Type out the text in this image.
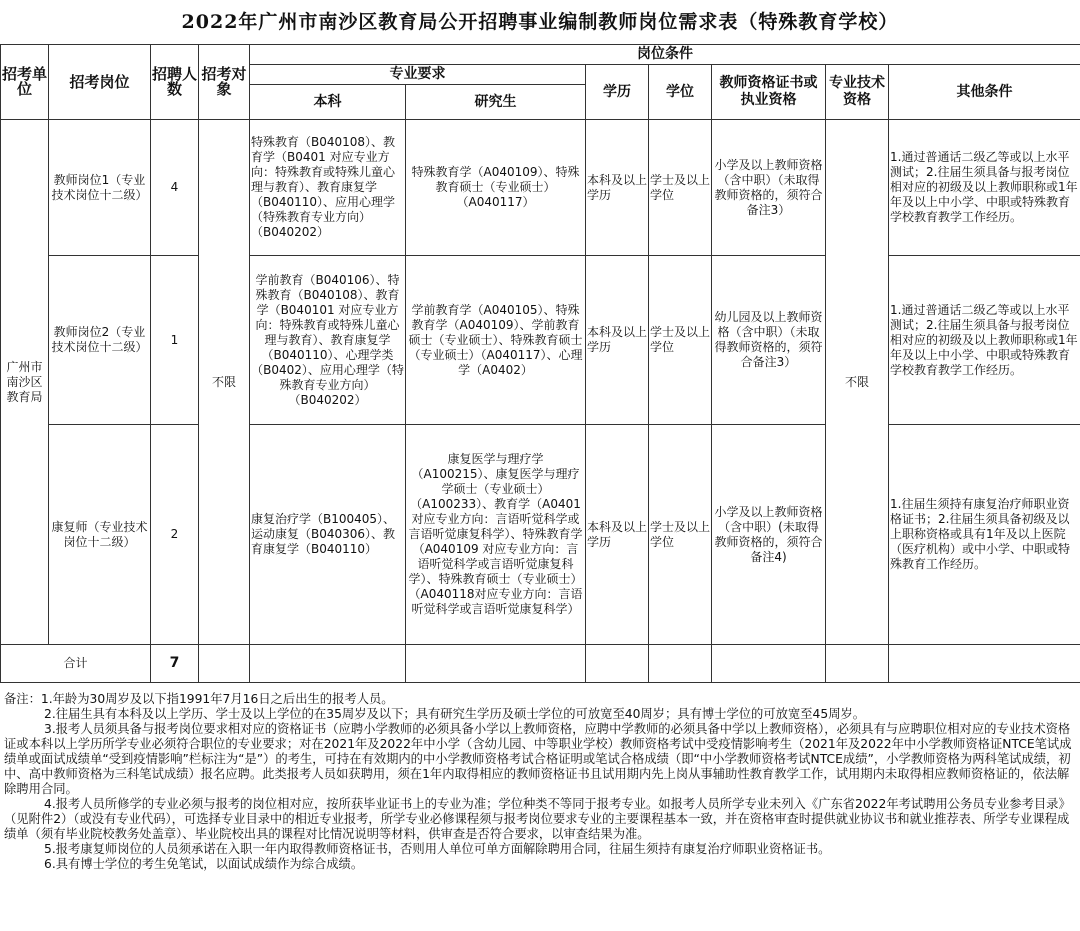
2022年广州市南沙区教育局公开招聘事业编制教师岗位需求表（特殊教育学校）
招考单位	招考岗位	招聘人数	招考对象	岗位条件						
				专业要求		学历	学位	教师资格证书或执业资格	专业技术资格	其他条件
				本科	研究生					
广州市南沙区教育局	教师岗位1（专业技术岗位十二级）	4	不限	特殊教育（B040108）、教育学（B0401 对应专业方向：特殊教育或特殊儿童心理与教育）、教育康复学（B040110）、应用心理学（特殊教育专业方向）（B040202）	特殊教育学（A040109）、特殊教育硕士（专业硕士）（A040117）	本科及以上学历	学士及以上学位	小学及以上教师资格（含中职）（未取得教师资格的，须符合备注3）	不限	1.通过普通话二级乙等或以上水平测试；2.往届生须具备与报考岗位相对应的初级及以上教师职称或1年年及以上中小学、中职或特殊教育学校教育教学工作经历。
	教师岗位2（专业技术岗位十二级）	1		学前教育（B040106）、特殊教育（B040108）、教育学（B040101 对应专业方向：特殊教育或特殊儿童心理与教育）、教育康复学（B040110）、心理学类（B0402）、应用心理学（特殊教育专业方向）（B040202）	学前教育学（A040105）、特殊教育学（A040109）、学前教育硕士（专业硕士）、特殊教育硕士（专业硕士）（A040117）、心理学（A0402）	本科及以上学历	学士及以上学位	幼儿园及以上教师资格（含中职）（未取得教师资格的，须符合备注3）		1.通过普通话二级乙等或以上水平测试；2.往届生须具备与报考岗位相对应的初级及以上教师职称或1年年及以上中小学、中职或特殊教育学校教育教学工作经历。
	康复师（专业技术岗位十二级）	2		康复治疗学（B100405）、运动康复（B040306）、教育康复学（B040110）	康复医学与理疗学（A100215）、康复医学与理疗学硕士（专业硕士）（A100233）、教育学（A0401对应专业方向：言语听觉科学或言语听觉康复科学）、特殊教育学（A040109 对应专业方向：言语听觉科学或言语听觉康复科学）、特殊教育硕士（专业硕士）（A040118对应专业方向：言语听觉科学或言语听觉康复科学）	本科及以上学历	学士及以上学位	小学及以上教师资格（含中职）(未取得教师资格的，须符合备注4)		1.往届生须持有康复治疗师职业资格证书；2.往届生须具备初级及以上职称资格或具有1年及以上医院（医疗机构）或中小学、中职或特殊教育工作经历。
合计		7								

备注：1.年龄为30周岁及以下指1991年7月16日之后出生的报考人员。

2.往届生具有本科及以上学历、学士及以上学位的在35周岁及以下；具有研究生学历及硕士学位的可放宽至40周岁；具有博士学位的可放宽至45周岁。

3.报考人员须具备与报考岗位要求相对应的资格证书（应聘小学教师的必须具备小学以上教师资格，应聘中学教师的必须具备中学以上教师资格），必须具有与应聘职位相对应的专业技术资格证或本科以上学历所学专业必须符合职位的专业要求；对在2021年及2022年中小学（含幼儿园、中等职业学校）教师资格考试中受疫情影响考生（2021年及2022年中小学教师资格证NTCE笔试成绩单或面试成绩单“受到疫情影响”栏标注为“是”）的考生，可持在有效期内的中小学教师资格考试合格证明或笔试合格成绩（即“中小学教师资格考试NTCE成绩”，小学教师资格为两科笔试成绩，初中、高中教师资格为三科笔试成绩）报名应聘。此类报考人员如获聘用，须在1年内取得相应的教师资格证书且试用期内先上岗从事辅助性教育教学工作，试用期内未取得相应教师资格证的，依法解除聘用合同。

4.报考人员所修学的专业必须与报考的岗位相对应，按所获毕业证书上的专业为准；学位种类不等同于报考专业。如报考人员所学专业未列入《广东省2022年考试聘用公务员专业参考目录》（见附件2）（或没有专业代码），可选择专业目录中的相近专业报考，所学专业必修课程须与报考岗位要求专业的主要课程基本一致，并在资格审查时提供就业协议书和就业推荐表、所学专业课程成绩单（须有毕业院校教务处盖章）、毕业院校出具的课程对比情况说明等材料，供审查是否符合要求，以审查结果为准。

5.报考康复师岗位的人员须承诺在入职一年内取得教师资格证书，否则用人单位可单方面解除聘用合同，往届生须持有康复治疗师职业资格证书。

6.具有博士学位的考生免笔试，以面试成绩作为综合成绩。
